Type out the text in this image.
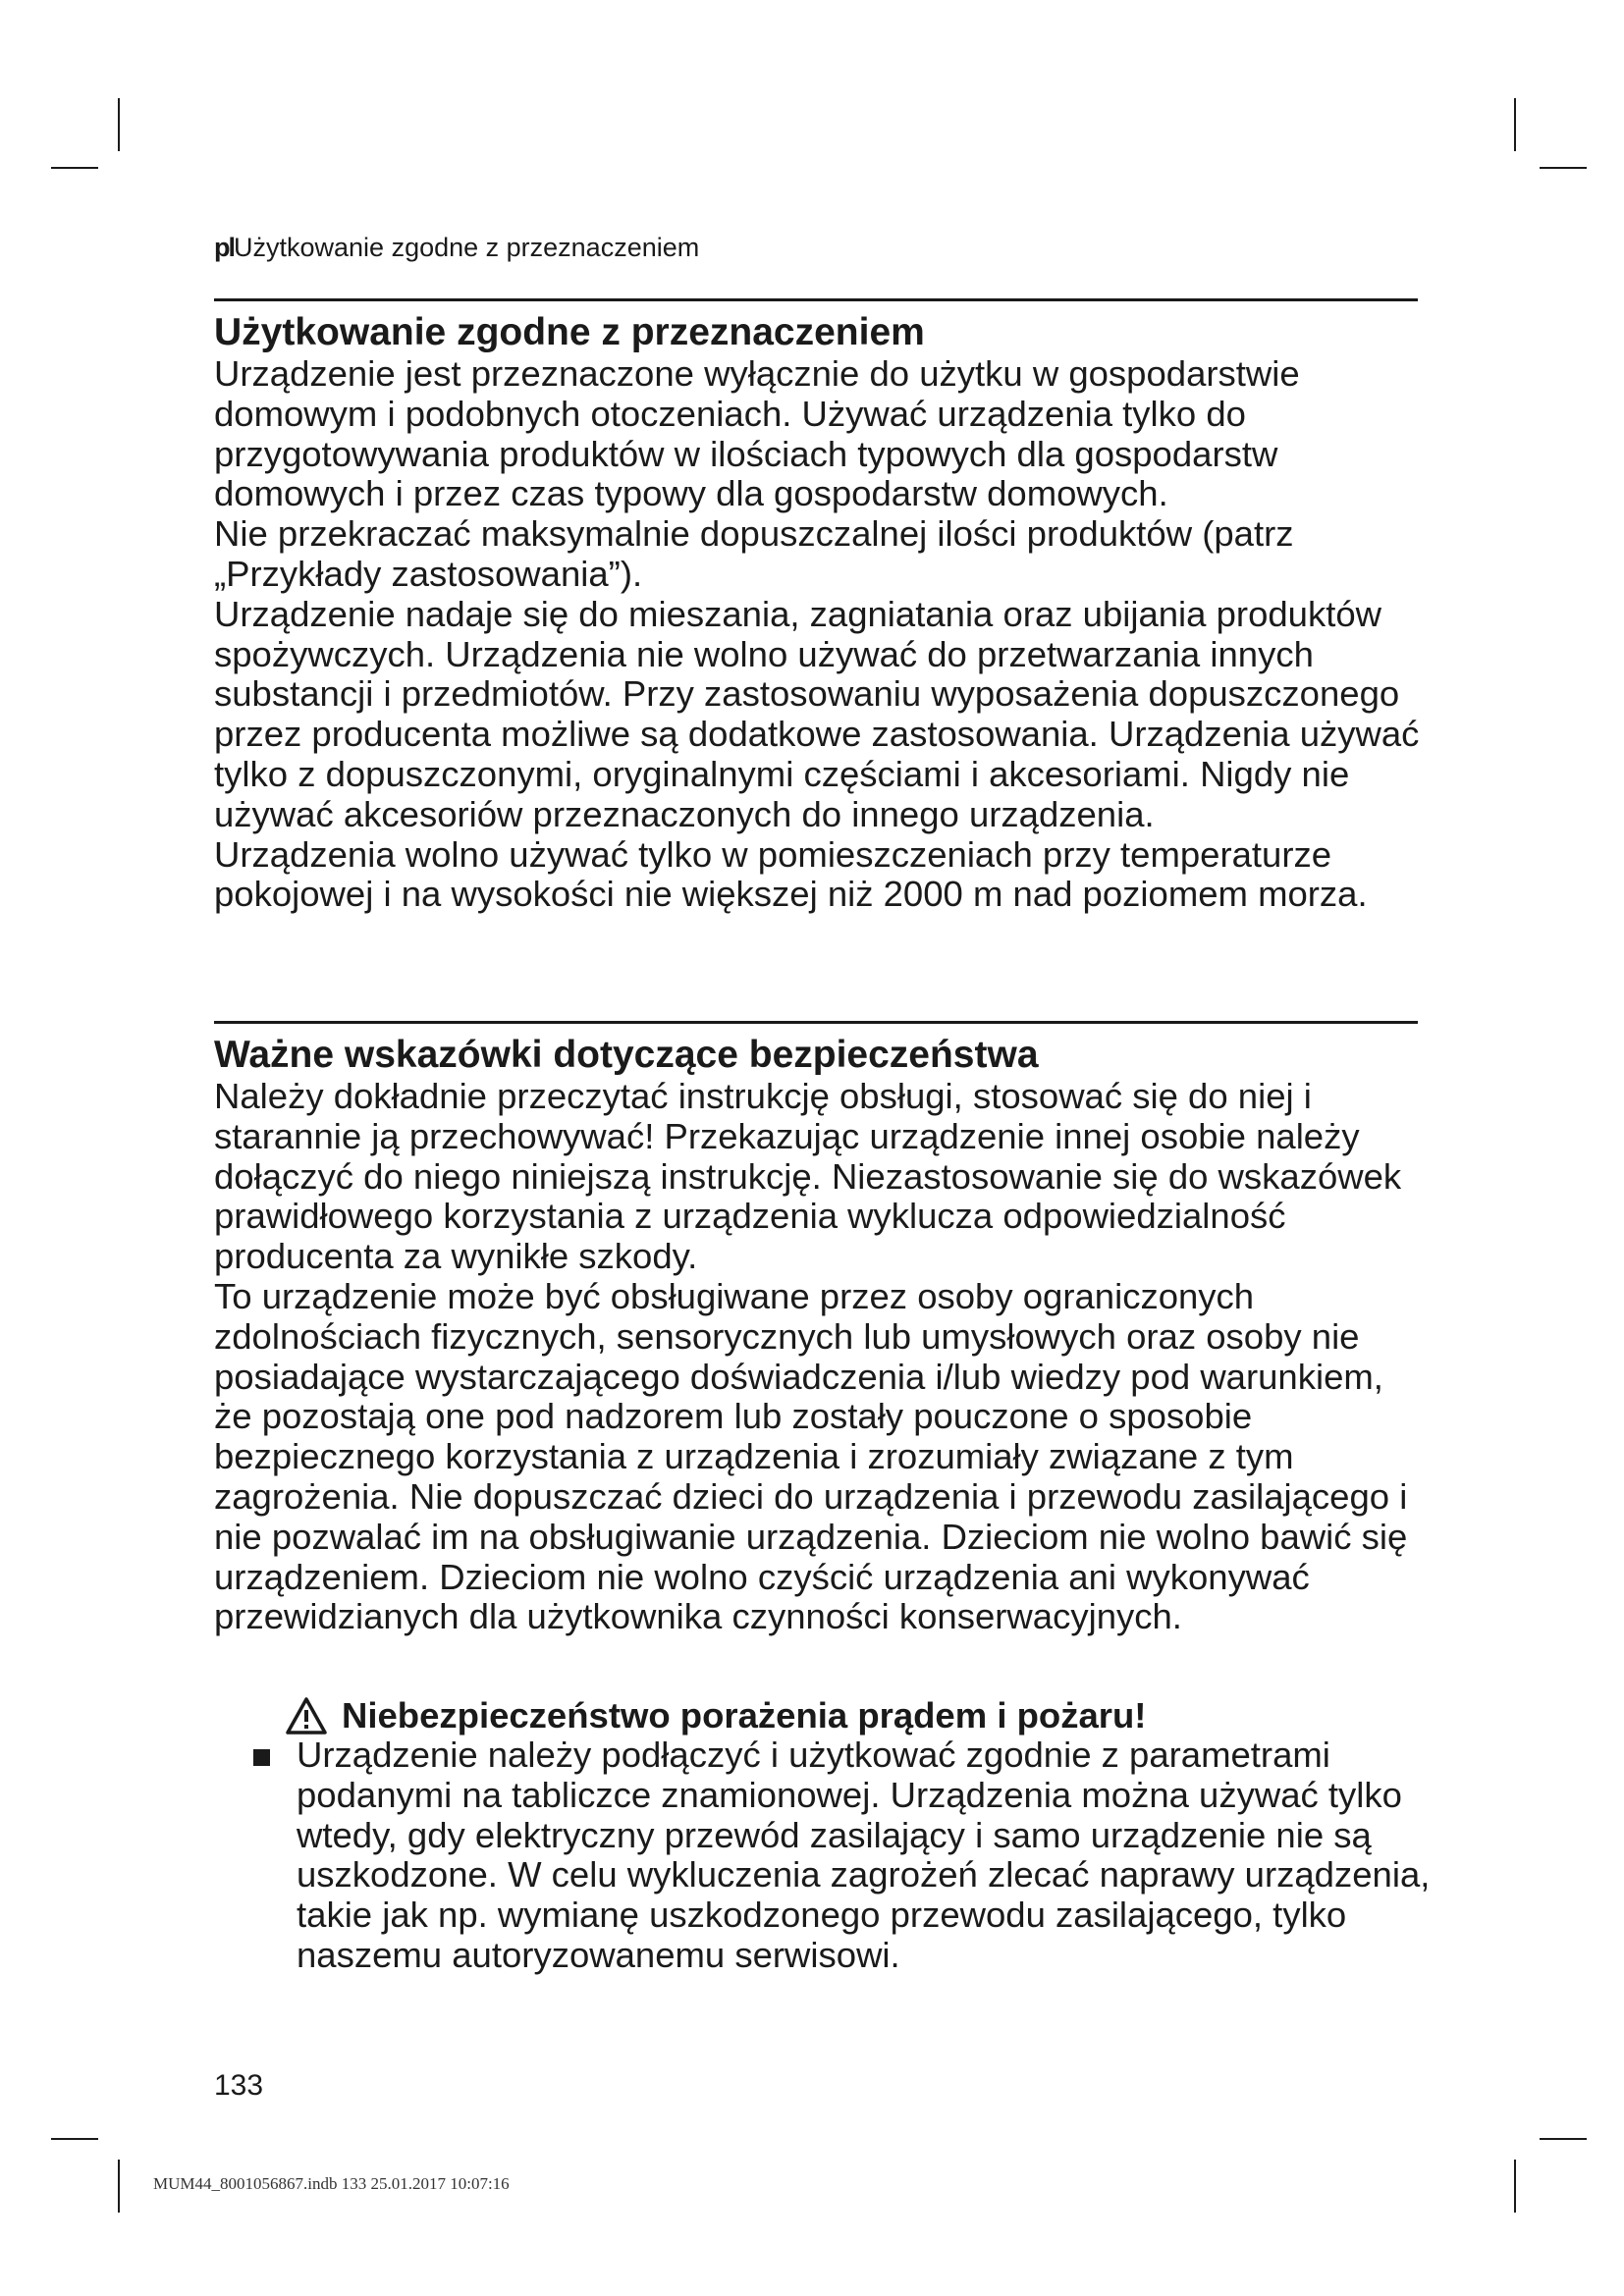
plUżytkowanie zgodne z przeznaczeniem
Użytkowanie zgodne z przeznaczeniem

Urządzenie jest przeznaczone wyłącznie do użytku w gospodarstwie domowym i podobnych otoczeniach. Używać urządzenia tylko do przygotowywania produktów w ilościach typowych dla gospodarstw domowych i przez czas typowy dla gospodarstw domowych.

Nie przekraczać maksymalnie dopuszczalnej ilości produktów (patrz „Przykłady zastosowania”).

Urządzenie nadaje się do mieszania, zagniatania oraz ubijania produktów spożywczych. Urządzenia nie wolno używać do przetwarzania innych substancji i przedmiotów. Przy zastosowaniu wyposażenia dopuszczonego przez producenta możliwe są dodatkowe zastosowania. Urządzenia używać tylko z dopuszczonymi, oryginalnymi częściami i akcesoriami. Nigdy nie używać akcesoriów przeznaczonych do innego urządzenia.

Urządzenia wolno używać tylko w pomieszczeniach przy temperaturze pokojowej i na wysokości nie większej niż 2000 m nad poziomem morza.

Ważne wskazówki dotyczące bezpieczeństwa

Należy dokładnie przeczytać instrukcję obsługi, stosować się do niej i starannie ją przechowywać! Przekazując urządzenie innej osobie należy dołączyć do niego niniejszą instrukcję. Niezastosowanie się do wskazówek prawidłowego korzystania z urządzenia wyklucza odpowiedzialność producenta za wynikłe szkody.

To urządzenie może być obsługiwane przez osoby ograniczonych zdolnościach fizycznych, sensorycznych lub umysłowych oraz osoby nie posiadające wystarczającego doświadczenia i/lub wiedzy pod warunkiem, że pozostają one pod nadzorem lub zostały pouczone o sposobie bezpiecznego korzystania z urządzenia i zrozumiały związane z tym zagrożenia. Nie dopuszczać dzieci do urządzenia i przewodu zasilającego i nie pozwalać im na obsługiwanie urządzenia. Dzieciom nie wolno bawić się urządzeniem. Dzieciom nie wolno czyścić urządzenia ani wykonywać przewidzianych dla użytkownika czynności konserwacyjnych.

Niebezpieczeństwo porażenia prądem i pożaru!

Urządzenie należy podłączyć i użytkować zgodnie z parametrami podanymi na tabliczce znamionowej. Urządzenia można używać tylko wtedy, gdy elektryczny przewód zasilający i samo urządzenie nie są uszkodzone. W celu wykluczenia zagrożeń zlecać naprawy urządzenia, takie jak np. wymianę uszkodzonego przewodu zasilającego, tylko naszemu autoryzowanemu serwisowi.

133
MUM44_8001056867.indb 133 25.01.2017 10:07:16
